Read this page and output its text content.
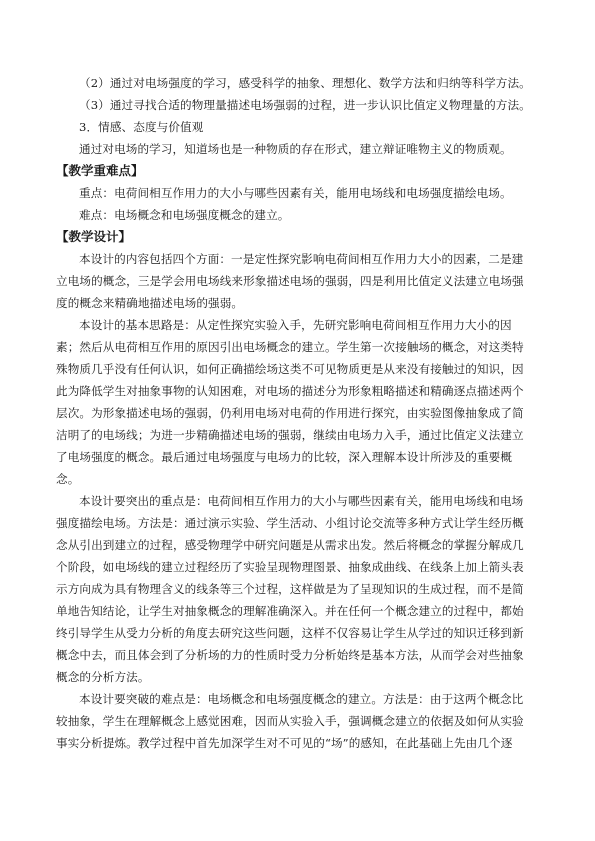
（2）通过对电场强度的学习，感受科学的抽象、理想化、数学方法和归纳等科学方法。
（3）通过寻找合适的物理量描述电场强弱的过程，进一步认识比值定义物理量的方法。
3．情感、态度与价值观
通过对电场的学习，知道场也是一种物质的存在形式，建立辩证唯物主义的物质观。
【教学重难点】
重点：电荷间相互作用力的大小与哪些因素有关，能用电场线和电场强度描绘电场。
难点：电场概念和电场强度概念的建立。
【教学设计】
本设计的内容包括四个方面：一是定性探究影响电荷间相互作用力大小的因素，二是建
立电场的概念，三是学会用电场线来形象描述电场的强弱，四是利用比值定义法建立电场强
度的概念来精确地描述电场的强弱。
本设计的基本思路是：从定性探究实验入手，先研究影响电荷间相互作用力大小的因
素；然后从电荷相互作用的原因引出电场概念的建立。学生第一次接触场的概念，对这类特
殊物质几乎没有任何认识，如何正确描绘场这类不可见物质更是从来没有接触过的知识，因
此为降低学生对抽象事物的认知困难，对电场的描述分为形象粗略描述和精确逐点描述两个
层次。为形象描述电场的强弱，仍利用电场对电荷的作用进行探究，由实验图像抽象成了简
洁明了的电场线；为进一步精确描述电场的强弱，继续由电场力入手，通过比值定义法建立
了电场强度的概念。最后通过电场强度与电场力的比较，深入理解本设计所涉及的重要概
念。
本设计要突出的重点是：电荷间相互作用力的大小与哪些因素有关，能用电场线和电场
强度描绘电场。方法是：通过演示实验、学生活动、小组讨论交流等多种方式让学生经历概
念从引出到建立的过程，感受物理学中研究问题是从需求出发。然后将概念的掌握分解成几
个阶段，如电场线的建立过程经历了实验呈现物理图景、抽象成曲线、在线条上加上箭头表
示方向成为具有物理含义的线条等三个过程，这样做是为了呈现知识的生成过程，而不是简
单地告知结论，让学生对抽象概念的理解准确深入。并在任何一个概念建立的过程中，都始
终引导学生从受力分析的角度去研究这些问题，这样不仅容易让学生从学过的知识迁移到新
概念中去，而且体会到了分析场的力的性质时受力分析始终是基本方法，从而学会对些抽象
概念的分析方法。
本设计要突破的难点是：电场概念和电场强度概念的建立。方法是：由于这两个概念比
较抽象，学生在理解概念上感觉困难，因而从实验入手，强调概念建立的依据及如何从实验
事实分析提炼。教学过程中首先加深学生对不可见的“场”的感知，在此基础上先由几个逐
